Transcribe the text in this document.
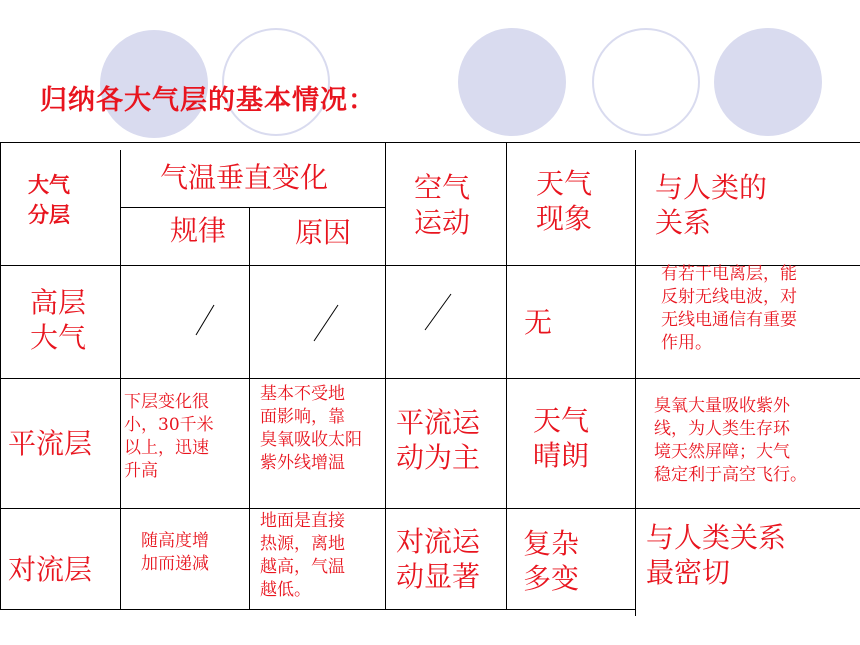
归纳各大气层的基本情况：
大气
分层
气温垂直变化
规律 原因
空气
运动
天气
现象
与人类的
关系
高层
大气	无
有若干电离层，能
反射无线电波，对
无线电通信有重要
作用。
平流层
下层变化很
小，30千米
以上，迅速
升高
基本不受地
面影响，靠
臭氧吸收太阳
紫外线增温
平流运
动为主
天气
晴朗
臭氧大量吸收紫外
线，为人类生存环
境天然屏障；大气
稳定利于高空飞行。
对流层
随高度增
加而递减
地面是直接
热源，离地
越高，气温
越低。
对流运
动显著
复杂
多变
与人类关系
最密切
